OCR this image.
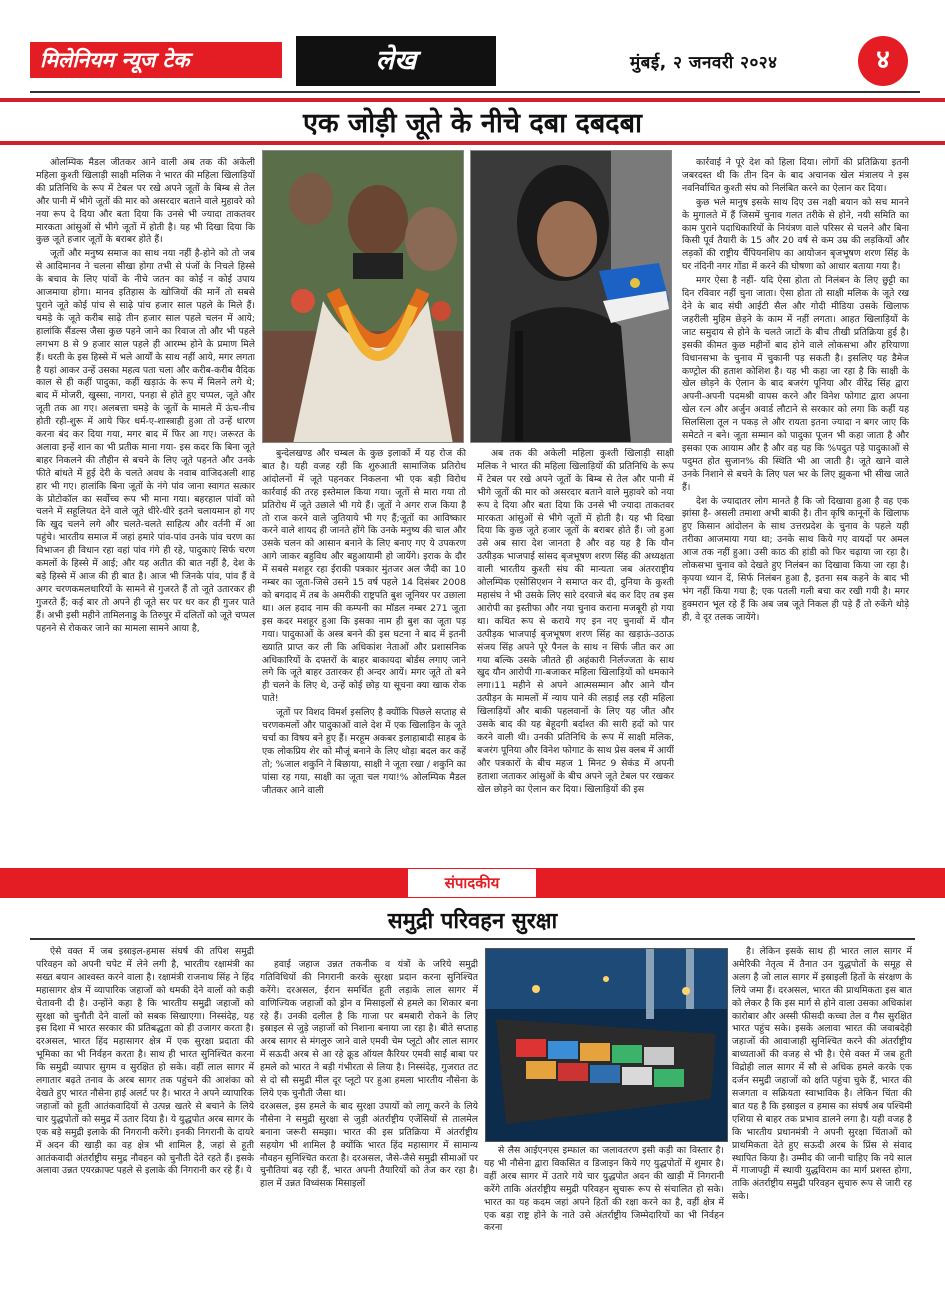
मिलेनियम न्यूज टेक	लेख	मुंबई, २ जनवरी २०२४	४
एक जोड़ी जूते के नीचे दबा दबदबा

ओलम्पिक मैडल जीतकर आने वाली अब तक की अकेली महिला कुश्ती खिलाड़ी साक्षी मलिक ने भारत की महिला खिलाड़ियों की प्रतिनिधि के रूप में टेबल पर रखे अपने जूतों के बिम्ब से तेल और पानी में भीगे जूतों की मार को असरदार बताने वाले मुहावरे को नया रूप दे दिया और बता दिया कि उनसे भी ज्यादा ताकतवर मारकता आंसुओं से भीगे जूतों में होती है। यह भी दिखा दिया कि कुछ जूते हजार जूतों के बराबर होते हैं।

जूतों और मनुष्य समाज का साथ नया नहीं है-होने को तो जब से आदिमानव ने चलना सीखा होगा तभी से पंजों के निचले हिस्से के बचाव के लिए पांवों के नीचे जतन का कोई न कोई उपाय आजमाया होगा। मानव इतिहास के खोजियों की मानें तो सबसे पुराने जूते कोई पांच से साढ़े पांच हजार साल पहले के मिले हैं। चमड़े के जूते करीब साढ़े तीन हजार साल पहले चलन में आये; हालांकि सैंडल्स जैसा कुछ पहने जाने का रिवाज तो और भी पहले लगभग 8 से 9 हजार साल पहले ही आरम्भ होने के प्रमाण मिले हैं। धरती के इस हिस्से में भले आर्यों के साथ नहीं आये, मगर लगता है यहां आकर उन्हें उसका महत्व पता चला और करीब-करीब वैदिक काल से ही कहीं पादुका, कहीं खड़ाऊं के रूप में मिलने लगे थे; बाद में मोजरी, खुस्सा, नागरा, पनहा से होते हुए चप्पल, जूते और जूती तक आ गए। अलबत्ता चमड़े के जूतों के मामले में ऊंच-नीच होती रही-शुरू में आये फिर धर्म-ए-शास्त्राही हुआ तो उन्हें धारण करना बंद कर दिया गया, मगर बाद में फिर आ गए। जरूरत के अलावा इन्हें शान का भी प्रतीक माना गया- इस कदर कि बिना जूते बाहर निकलने की तौहीन से बचने के लिए जूते पहनते और उनके फीते बांधते में हुई देरी के चलते अवध के नवाब वाजिदअली शाह हार भी गए। हालांकि बिना जूतों के नंगे पांव जाना स्वागत सत्कार के प्रोटोकॉल का सर्वोच्च रूप भी माना गया। बहरहाल पांवों को चलने में सहूलियत देने वाले जूते धीरे-धीरे इतने चलायमान हो गए कि खुद चलने लगे और चलते-चलते साहित्य और वर्तनी में आ पहुंचे। भारतीय समाज में जहां हमारे पांव-पांव उनके पांव चरण का विभाजन ही विधान रहा वहां पांव गंगे ही रहे, पादुकाएं सिर्फ चरण कमलों के हिस्से में आई; और यह अतीत की बात नहीं है, देश के बड़े हिस्से में आज की ही बात है। आज भी जिनके पांव, पांव हैं वे अगर चरणकमलधारियों के सामने से गुजरते हैं तो जूते उतारकर ही गुजरते हैं; कई बार तो अपने ही जूते सर पर धर कर ही गुजर पाते हैं। अभी इसी महीने तामिलनाडु के तिरुपुर में दलितों को जूते चप्पल पहनने से रोककर जाने का मामला सामने आया है,

बुन्देलखण्ड और चम्बल के कुछ इलाकों में यह रोज की बात है। यही वजह रही कि शुरुआती सामाजिक प्रतिरोध आंदोलनों में जूते पहनकर निकलना भी एक बड़ी विरोध कार्रवाई की तरह इस्तेमाल किया गया। जूतों से मारा गया तो प्रतिरोध में जूते उछाले भी गये हैं। जूतों ने अगर राज किया है तो राज करने वाले जुतियाये भी गए हैं;जूतों का आविष्कार करने वाले शायद ही जानते होंगे कि उनके मनुष्य की चाल और उसके चलन को आसान बनाने के लिए बनाए गए ये उपकरण आगे जाकर बहुविध और बहुआयामी हो जायेंगे। इराक के दौर में सबसे मशहूर रहा ईराकी पत्रकार मुंतजर अल जैदी का 10 नम्बर का जूता-जिसे उसने 15 वर्ष पहले 14 दिसंबर 2008 को बगदाद में तब के अमरीकी राष्ट्रपति बुश जूनियर पर उछाला था। अल हदाद नाम की कम्पनी का मॉडल नम्बर 271 जूता इस कदर मशहूर हुआ कि इसका नाम ही बुश का जूता पड़ गया। पादुकाओं के अस्त्र बनने की इस घटना ने बाद में इतनी ख्याति प्राप्त कर ली कि अधिकांश नेताओं और प्रशासनिक अधिकारियों के दफ्तरों के बाहर बाकायदा बोर्डस लगाए जाने लगे कि जूते बाहर उतारकर ही अन्दर आयें। मगर जूते तो बने ही चलने के लिए थे, उन्हें कोई छोड़ या सूचना क्या खाक रोक पाते!

जूतों पर विशद विमर्श इसलिए है क्योंकि पिछले सप्ताह से चरणकमलों और पादुकाओं वाले देश में एक खिलाड़िन के जूते चर्चा का विषय बने हुए हैं। मरहूम अकबर इलाहाबादी साहब के एक लोकप्रिय शेर को मौजूं बनाने के लिए थोड़ा बदल कर कहें तो; %जाल शकुनि ने बिछाया, साक्षी ने जूता रखा / शकुनि का पांसा रह गया, साक्षी का जूता चल गया!% ओलम्पिक मैडल जीतकर आने वाली

अब तक की अकेली महिला कुश्ती खिलाड़ी साक्षी मलिक ने भारत की महिला खिलाड़ियों की प्रतिनिधि के रूप में टेबल पर रखे अपने जूतों के बिम्ब से तेल और पानी में भीगे जूतों की मार को असरदार बताने वाले मुहावरे को नया रूप दे दिया और बता दिया कि उनसे भी ज्यादा ताकतवर मारकता आंसुओं से भीगे जूतों में होती है। यह भी दिखा दिया कि कुछ जूते हजार जूतों के बराबर होते हैं। जो हुआ उसे अब सारा देश जानता है और वह यह है कि यौन उत्पीड़क भाजपाई सांसद बृजभूषण शरण सिंह की अध्यक्षता वाली भारतीय कुश्ती संघ की मान्यता जब अंतरराष्ट्रीय ओलम्पिक एसोसिएशन ने समाप्त कर दी, दुनिया के कुश्ती महासंघ ने भी उसके लिए सारे दरवाजे बंद कर दिए तब इस आरोपी का इस्तीफा और नया चुनाव कराना मजबूरी हो गया था। कथित रूप से कराये गए इन नए चुनावों में यौन उत्पीड़क भाजपाई बृजभूषण शरण सिंह का खड़ाऊं-उठाऊ संजय सिंह अपने पूरे पैनल के साथ न सिर्फ जीत कर आ गया बल्कि उसके जीतते ही अहंकारी निर्लज्जता के साथ खुद यौन आरोपी गा-बजाकर महिला खिलाड़ियों को धमकाने लगा।11 महीने से अपने आत्मसम्मान और आने यौन उत्पीड़न के मामलों में न्याय पाने की लड़ाई लड़ रही महिला खिलाड़ियों और बाकी पहलवानों के लिए यह जीत और उसके बाद की यह बेहूदगी बर्दाश्त की सारी हदों को पार करने वाली थी। उनकी प्रतिनिधि के रूप में साक्षी मलिक, बजरंग पूनिया और विनेश फोगाट के साथ प्रेस क्लब में आयीं और पत्रकारों के बीच महज 1 मिनट 9 सेकंड में अपनी हताशा जताकर आंसुओं के बीच अपने जूते टेबल पर रखकर खेल छोड़ने का ऐलान कर दिया। खिलाड़ियों की इस

कार्रवाई ने पूरे देश को हिला दिया। लोगों की प्रतिक्रिया इतनी जबरदस्त थी कि तीन दिन के बाद अचानक खेल मंत्रालय ने इस नवनिर्वाचित कुश्ती संघ को निलंबित करने का ऐलान कर दिया।

कुछ भले मानुष इसके साथ दिए उस नक्षी बयान को सच मानने के मुगालते में हैं जिसमें चुनाव गलत तरीके से होने, नयी समिति का काम पुराने पदाधिकारियों के नियंत्रण वाले परिसर से चलने और बिना किसी पूर्व तैयारी के 15 और 20 वर्ष से कम उम्र की लड़कियों और लड़कों की राष्ट्रीय चैंपियनशिप का आयोजन बृजभूषण शरण सिंह के घर नंदिनी नगर गोंडा में करने की घोषणा को आधार बताया गया है।

मगर ऐसा है नहीं- यदि ऐसा होता तो निलंबन के लिए छुट्टी का दिन रविवार नहीं चुना जाता। ऐसा होता तो साक्षी मलिक के जूते रख देने के बाद संघी आईटी सैल और गोदी मीडिया उसके खिलाफ जहरीली मुहिम छेड़ने के काम में नहीं लगता। आहत खिलाड़ियों के जाट समुदाय से होने के चलते जाटों के बीच तीखी प्रतिक्रिया हुई है। इसकी कीमत कुछ महीनों बाद होने वाले लोकसभा और हरियाणा विधानसभा के चुनाव में चुकानी पड़ सकती है। इसलिए यह डैमेज कण्ट्रोल की हताश कोशिश है। यह भी कहा जा रहा है कि साक्षी के खेल छोड़ने के ऐलान के बाद बजरंग पूनिया और वीरेंद्र सिंह द्वारा अपनी-अपनी पदमश्री वापस करने और विनेश फोगाट द्वारा अपना खेल रत्न और अर्जुन अवार्ड लौटाने से सरकार को लगा कि कहीं यह सिलसिला तूल न पकड़ ले और रायता इतना ज्यादा न बगर जाए कि समेटते न बने। जूता सम्मान को पादुका पूजन भी कहा जाता है और इसका एक आयाम और है और वह यह कि %पदुत पड़े पादुकाओं से पदुमत होत सुजान% की स्थिति भी आ जाती है। जूते खाने वाले उनके निशाने से बचने के लिए पल भर के लिए झुकना भी सीख जाते हैं।

देश के ज्यादातर लोग मानते है कि जो दिखावा हुआ है वह एक झांसा है- असली तमाशा अभी बाकी है। तीन कृषि कानूनों के खिलाफ हुए किसान आंदोलन के साथ उत्तरप्रदेश के चुनाव के पहले यही तरीका आजमाया गया था; उनके साथ किये गए वायदों पर अमल आज तक नहीं हुआ। उसी काठ की हांडी को फिर चढ़ाया जा रहा है। लोकसभा चुनाव को देखते हुए निलंबन का दिखावा किया जा रहा है। कृपया ध्यान दें, सिर्फ निलंबन हुआ है, इतना सब कहने के बाद भी भंग नहीं किया गया है; एक पतली गली बचा कर रखी गयी है। मगर हुक्मरान भूल रहे हैं कि अब जब जूते निकल ही पड़े हैं तो रुकेंगे थोड़े ही, वे दूर तलक जायेंगे।

संपादकीय
समुद्री परिवहन सुरक्षा

ऐसे वक्त में जब इस्राइल-हमास संघर्ष की तपिश समुद्री परिवहन को अपनी चपेट में लेने लगी है, भारतीय रक्षामंत्री का सख्त बयान आश्वस्त करने वाला है। रक्षामंत्री राजनाथ सिंह ने हिंद महासागर क्षेत्र में व्यापारिक जहाजों को धमकी देने वालों को कड़ी चेतावनी दी है। उन्होंने कहा है कि भारतीय समुद्री जहाजों को सुरक्षा को चुनौती देने वालों को सबक सिखाएगा। निस्संदेह, यह इस दिशा में भारत सरकार की प्रतिबद्धता को ही उजागर करता है। दरअसल, भारत हिंद महासागर क्षेत्र में एक सुरक्षा प्रदाता की भूमिका का भी निर्वहन करता है। साथ ही भारत सुनिश्चित करना कि समुद्री व्यापार सुगम व सुरक्षित हो सके। वहीं लाल सागर में लगातार बढ़ते तनाव के अरब सागर तक पहुंचने की आशंका को देखते हुए भारत नौसेना हाई अलर्ट पर है। भारत ने अपने व्यापारिक जहाजों को हूती आतंकवादियों से उत्पन्न खतरे से बचाने के लिये चार युद्धपोतों को समुद्र में उतार दिया है। ये युद्धपोत अरब सागर के एक बड़े समुद्री इलाके की निगरानी करेंगे। इनकी निगरानी के दायरे में अदन की खाड़ी का वह क्षेत्र भी शामिल है, जहां से हूती आतंकवादी अंतर्राष्ट्रीय समुद्र नौवहन को चुनौती देते रहते हैं। इसके अलावा उन्नत एयरक्राफ्ट पहले से इलाके की निगरानी कर रहे हैं। ये

हवाई जहाज उन्नत तकनीक व यंत्रों के जरिये समुद्री गतिविधियों की निगरानी करके सुरक्षा प्रदान करना सुनिश्चित करेंगे। दरअसल, ईरान समर्थित हूती लड़ाके लाल सागर में वाणिज्यिक जहाजों को ड्रोन व मिसाइलों से हमले का शिकार बना रहे हैं। उनकी दलील है कि गाजा पर बमबारी रोकने के लिए इस्राइल से जुड़े जहाजों को निशाना बनाया जा रहा है। बीते सप्ताह अरब सागर से मंगलुरु जाने वाले एमवी चेम प्लूटो और लाल सागर में सऊदी अरब से आ रहे क्रूड ऑयल कैरियर एमवी साईं बाबा पर हमले को भारत ने बड़ी गंभीरता से लिया है। निस्संदेह, गुजरात तट से दो सौ समुद्री मील दूर प्लूटो पर हुआ हमला भारतीय नौसेना के लिये एक चुनौती जैसा था।
दरअसल, इस हमले के बाद सुरक्षा उपायों को लागू करने के लिये नौसेना ने समुद्री सुरक्षा से जुड़ी अंतर्राष्ट्रीय एजेंसियों से तालमेल बनाना जरूरी समझा। भारत की इस प्रतिक्रिया में अंतर्राष्ट्रीय सहयोग भी शामिल है क्योंकि भारत हिंद महासागर में सामान्य नौवहन सुनिश्चित करता है। दरअसल, जैसे-जैसे समुद्री सीमाओं पर चुनौतियां बढ़ रही हैं, भारत अपनी तैयारियों को तेज कर रहा है। हाल में उन्नत विध्वंसक मिसाइलों

से लैस आईएनएस इम्फाल का जलावतरण इसी कड़ी का विस्तार है। यह भी नौसेना द्वारा विकसित व डिजाइन किये गए युद्धपोतों में शुमार है। वहीं अरब सागर में उतारे गये चार युद्धपोत अदन की खाड़ी में निगरानी करेंगे ताकि अंतर्राष्ट्रीय समुद्री परिवहन सुचारू रूप से संचालित हो सके। भारत का यह कदम जहां अपने हितों की रक्षा करने का है, वहीं क्षेत्र में एक बड़ा राष्ट्र होने के नाते उसे अंतर्राष्ट्रीय जिम्मेदारियों का भी निर्वहन करना

है। लेकिन इसके साथ ही भारत लाल सागर में अमेरिकी नेतृत्व में तैनात उन युद्धपोतों के समूह से अलग है जो लाल सागर में इस्राइली हितों के संरक्षण के लिये जमा हैं। दरअसल, भारत की प्राथमिकता इस बात को लेकर है कि इस मार्ग से होने वाला उसका अधिकांश कारोबार और अस्सी फीसदी कच्चा तेल व गैस सुरक्षित भारत पहुंच सके। इसके अलावा भारत की जवाबदेही जहाजों की आवाजाही सुनिश्चित करने की अंतर्राष्ट्रीय बाध्यताओं की वजह से भी है। ऐसे वक्त में जब हूती विद्रोही लाल सागर में सौ से अधिक हमले करके एक दर्जन समुद्री जहाजों को क्षति पहुंचा चुके हैं, भारत की सजगता व सक्रियता स्वाभाविक है। लेकिन चिंता की बात यह है कि इस्राइल व हमास का संघर्ष अब पश्चिमी एशिया से बाहर तक प्रभाव डालने लगा है। यही वजह है कि भारतीय प्रधानमंत्री ने अपनी सुरक्षा चिंताओं को प्राथमिकता देते हुए सऊदी अरब के प्रिंस से संवाद स्थापित किया है। उम्मीद की जानी चाहिए कि नये साल में गाजापट्टी में स्थायी युद्धविराम का मार्ग प्रशस्त होगा, ताकि अंतर्राष्ट्रीय समुद्री परिवहन सुचारु रूप से जारी रह सके।
